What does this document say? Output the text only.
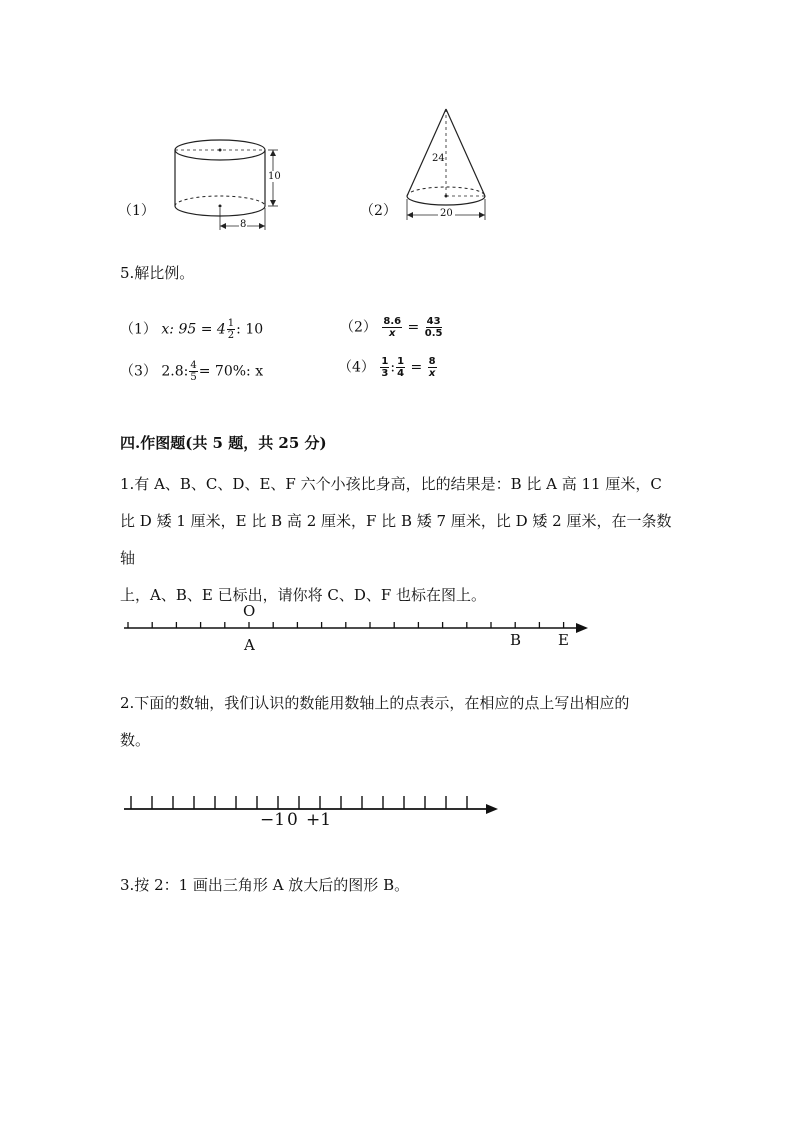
（1）
10
8
（2）
24
20
5.解比例。
（1） x: $95 = 4 \frac{1}{2}$ : 10	$(2) \frac{8.6}{x} = \frac{43}{0.5}$
（3） 2.8: $\frac{4}{5} = 70\%$: x	$(4) \frac{1}{3}$ : $\frac{1}{4} = \frac{8}{x}$
四.作图题(共 5 题，共 25 分)
1.有 A、B、C、D、E、F 六个小孩比身高，比的结果是：B 比 A 高 11 厘米，C
比 D 矮 1 厘米，E 比 B 高 2 厘米，F 比 B 矮 7 厘米，比 D 矮 2 厘米，在一条数轴
上，A、B、E 已标出，请你将 C、D、F 也标在图上。
O
A	B E
2.下面的数轴，我们认识的数能用数轴上的点表示，在相应的点上写出相应的
数。
−1 0 +1
3.按 2：1 画出三角形 A 放大后的图形 B。
